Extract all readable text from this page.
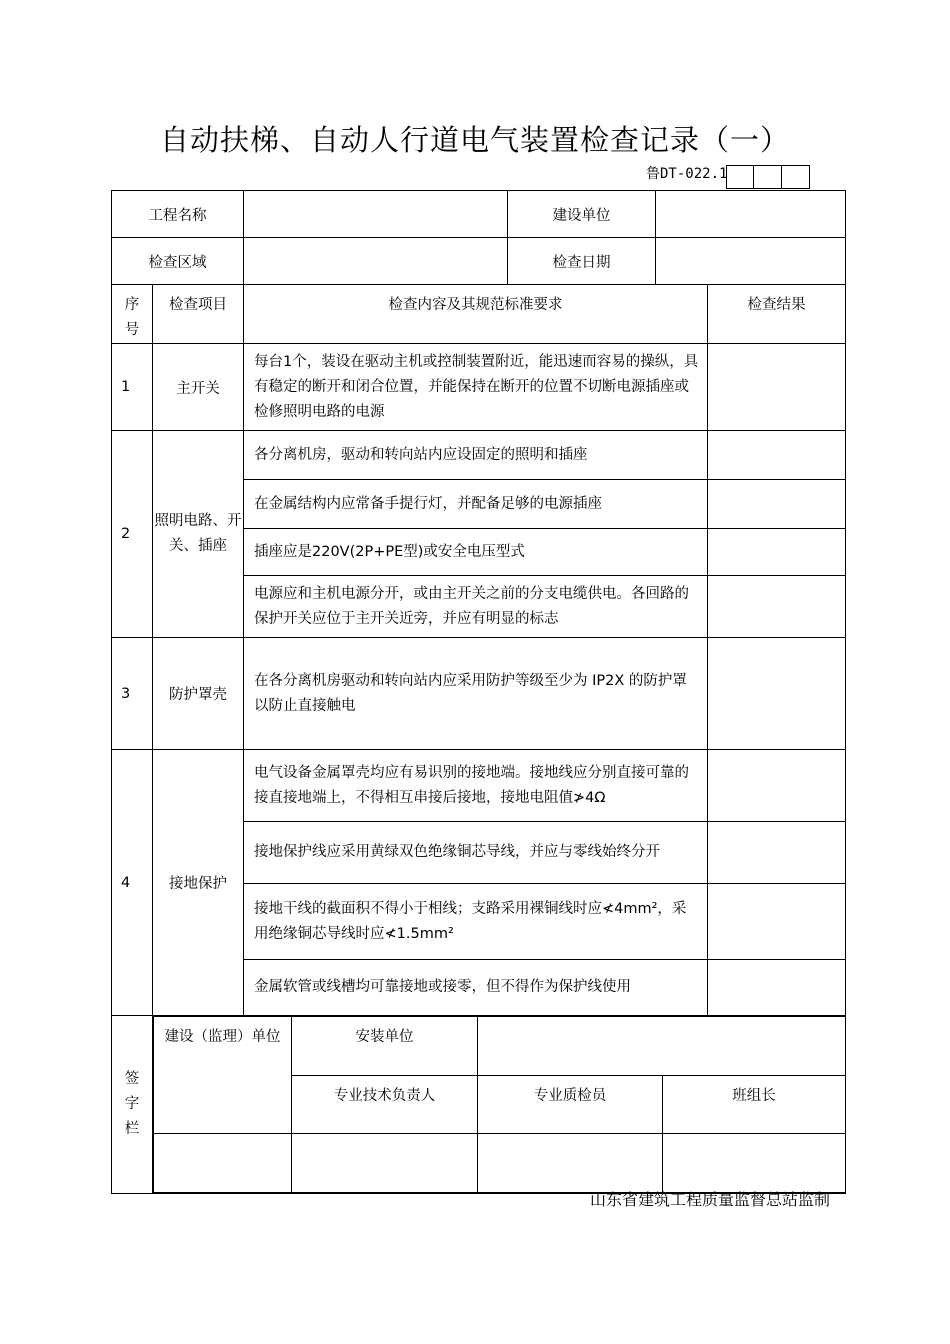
自动扶梯、自动人行道电气装置检查记录（一）
鲁DT-022.1
工程名称		建设单位	
检查区域		检查日期	
序号	检查项目	检查内容及其规范标准要求	检查结果
1	主开关	每台1个，装设在驱动主机或控制装置附近，能迅速而容易的操纵，具有稳定的断开和闭合位置，并能保持在断开的位置不切断电源插座或检修照明电路的电源	
2	照明电路、开关、插座	各分离机房，驱动和转向站内应设固定的照明和插座	
在金属结构内应常备手提行灯，并配备足够的电源插座	
插座应是220V(2P+PE型)或安全电压型式	
电源应和主机电源分开，或由主开关之前的分支电缆供电。各回路的保护开关应位于主开关近旁，并应有明显的标志	
3	防护罩壳	在各分离机房驱动和转向站内应采用防护等级至少为 IP2X 的防护罩以防止直接触电	
4	接地保护	电气设备金属罩壳均应有易识别的接地端。接地线应分别直接可靠的接直接地端上，不得相互串接后接地，接地电阻值≯4Ω	
接地保护线应采用黄绿双色绝缘铜芯导线，并应与零线始终分开	
接地干线的截面积不得小于相线；支路采用裸铜线时应≮4mm²，采用绝缘铜芯导线时应≮1.5mm²	
金属软管或线槽均可靠接地或接零，但不得作为保护线使用	
签字栏	
建设（监理）单位	安装单位	
专业技术负责人	专业质检员	班组长

山东省建筑工程质量监督总站监制
